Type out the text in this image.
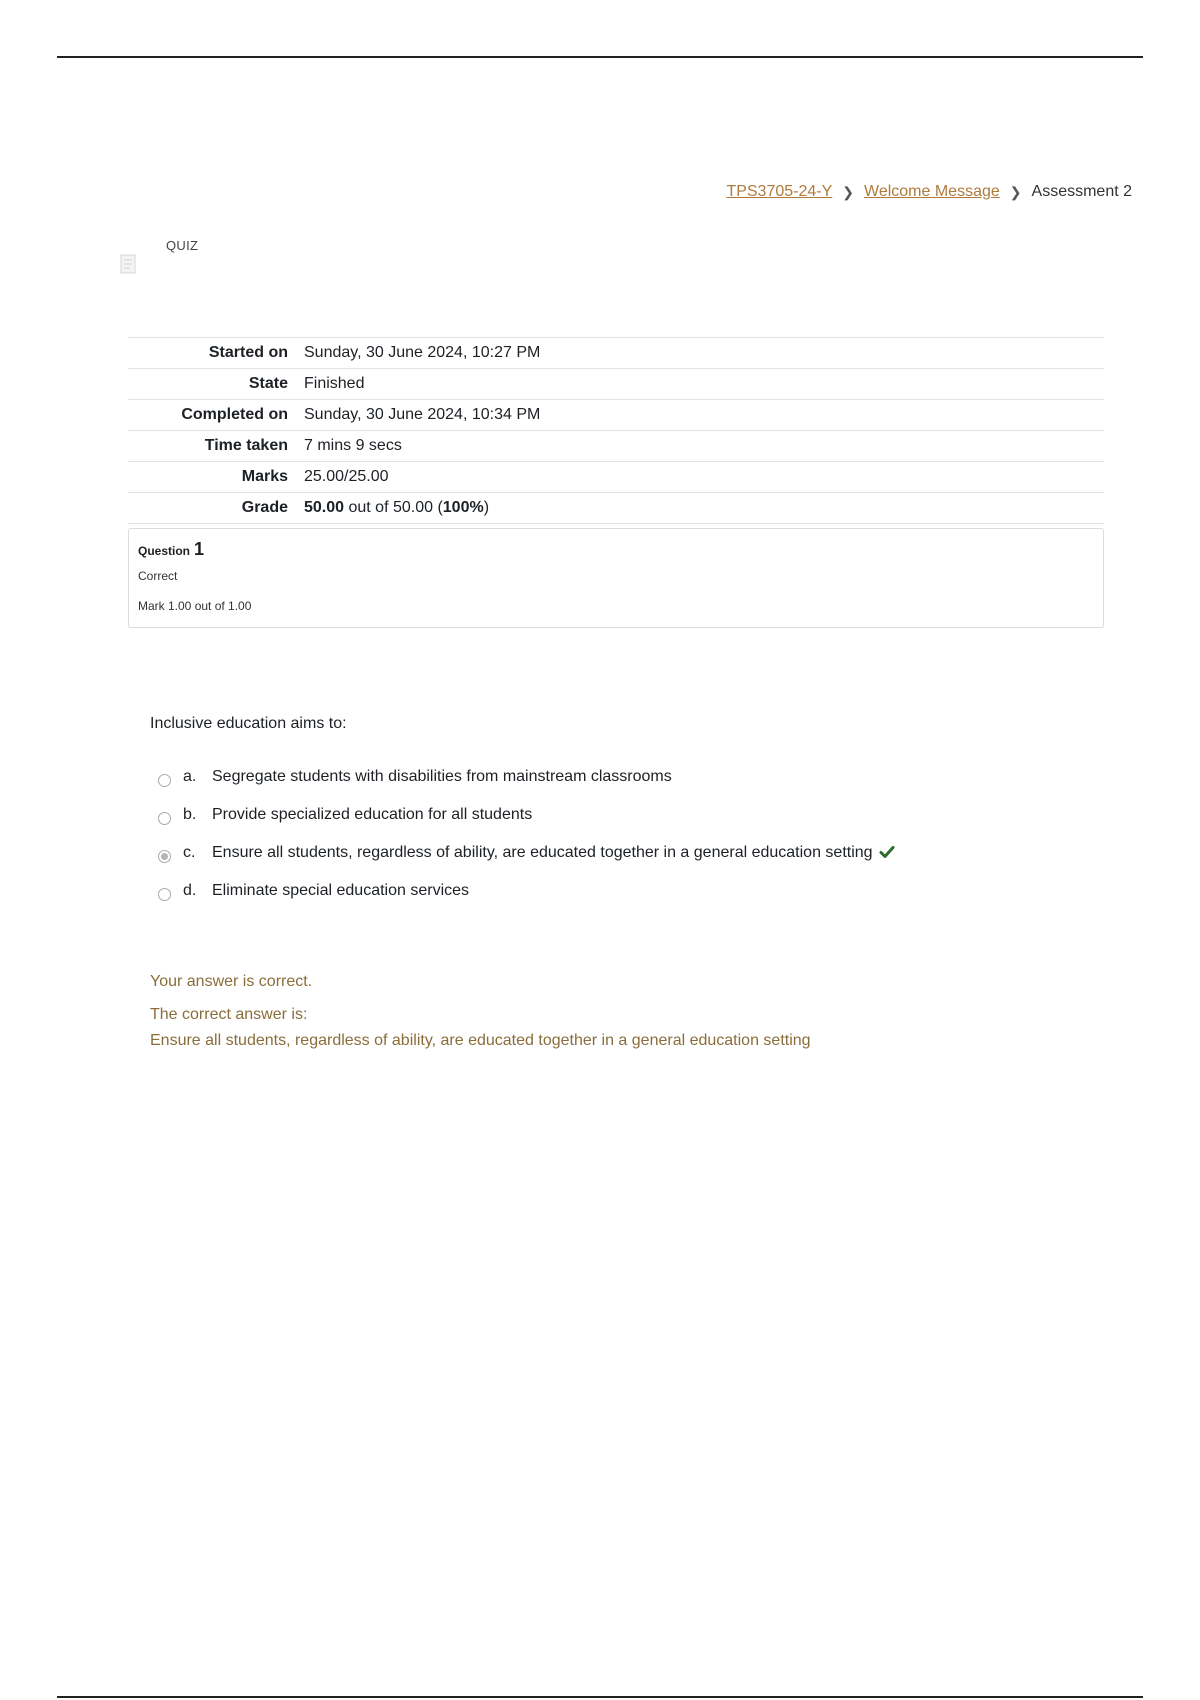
TPS3705-24-Y ❯ Welcome Message ❯ Assessment 2
QUIZ
Started on	Sunday, 30 June 2024, 10:27 PM
State	Finished
Completed on	Sunday, 30 June 2024, 10:34 PM
Time taken	7 mins 9 secs
Marks	25.00/25.00
Grade	50.00 out of 50.00 (100%)
Question 1
Correct
Mark 1.00 out of 1.00
Inclusive education aims to:
a. Segregate students with disabilities from mainstream classrooms
b. Provide specialized education for all students
c.	Ensure all students, regardless of ability, are educated together in a general education setting
d. Eliminate special education services
Your answer is correct.
The correct answer is:
Ensure all students, regardless of ability, are educated together in a general education setting
